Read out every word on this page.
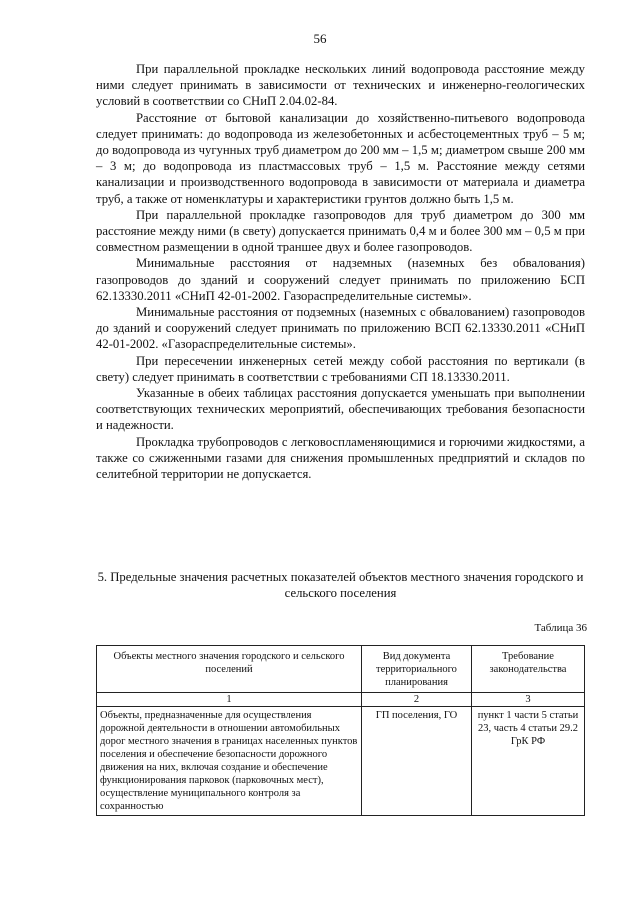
56

При параллельной прокладке нескольких линий водопровода расстояние между ними следует принимать в зависимости от технических и инженерно-геологических условий в соответствии со СНиП 2.04.02-84.

Расстояние от бытовой канализации до хозяйственно-питьевого водопровода следует принимать: до водопровода из железобетонных и асбестоцементных труб – 5 м; до водопровода из чугунных труб диаметром до 200 мм – 1,5 м; диаметром свыше 200 мм – 3 м; до водопровода из пластмассовых труб – 1,5 м. Расстояние между сетями канализации и производственного водопровода в зависимости от материала и диаметра труб, а также от номенклатуры и характеристики грунтов должно быть 1,5 м.

При параллельной прокладке газопроводов для труб диаметром до 300 мм расстояние между ними (в свету) допускается принимать 0,4 м и более 300 мм – 0,5 м при совместном размещении в одной траншее двух и более газопроводов.

Минимальные расстояния от надземных (наземных без обвалования) газопроводов до зданий и сооружений следует принимать по приложению БСП 62.13330.2011 «СНиП 42-01-2002. Газораспределительные системы».

Минимальные расстояния от подземных (наземных с обвалованием) газопроводов до зданий и сооружений следует принимать по приложению ВСП 62.13330.2011 «СНиП 42-01-2002. «Газораспределительные системы».

При пересечении инженерных сетей между собой расстояния по вертикали (в свету) следует принимать в соответствии с требованиями СП 18.13330.2011.

Указанные в обеих таблицах расстояния допускается уменьшать при выполнении соответствующих технических мероприятий, обеспечивающих требования безопасности и надежности.

Прокладка трубопроводов с легковоспламеняющимися и горючими жидкостями, а также со сжиженными газами для снижения промышленных предприятий и складов по селитебной территории не допускается.

5. Предельные значения расчетных показателей объектов местного значения городского и сельского поселения
Таблица 36
Объекты местного значения городского и сельского поселений	Вид документа территориального планирования	Требование законодательства
1	2	3
Объекты, предназначенные для осуществления дорожной деятельности в отношении автомобильных дорог местного значения в границах населенных пунктов поселения и обеспечение безопасности дорожного движения на них, включая создание и обеспечение функционирования парковок (парковочных мест), осуществление муниципального контроля за сохранностью	ГП поселения, ГО	пункт 1 части 5 статьи 23, часть 4 статьи 29.2 ГрК РФ
